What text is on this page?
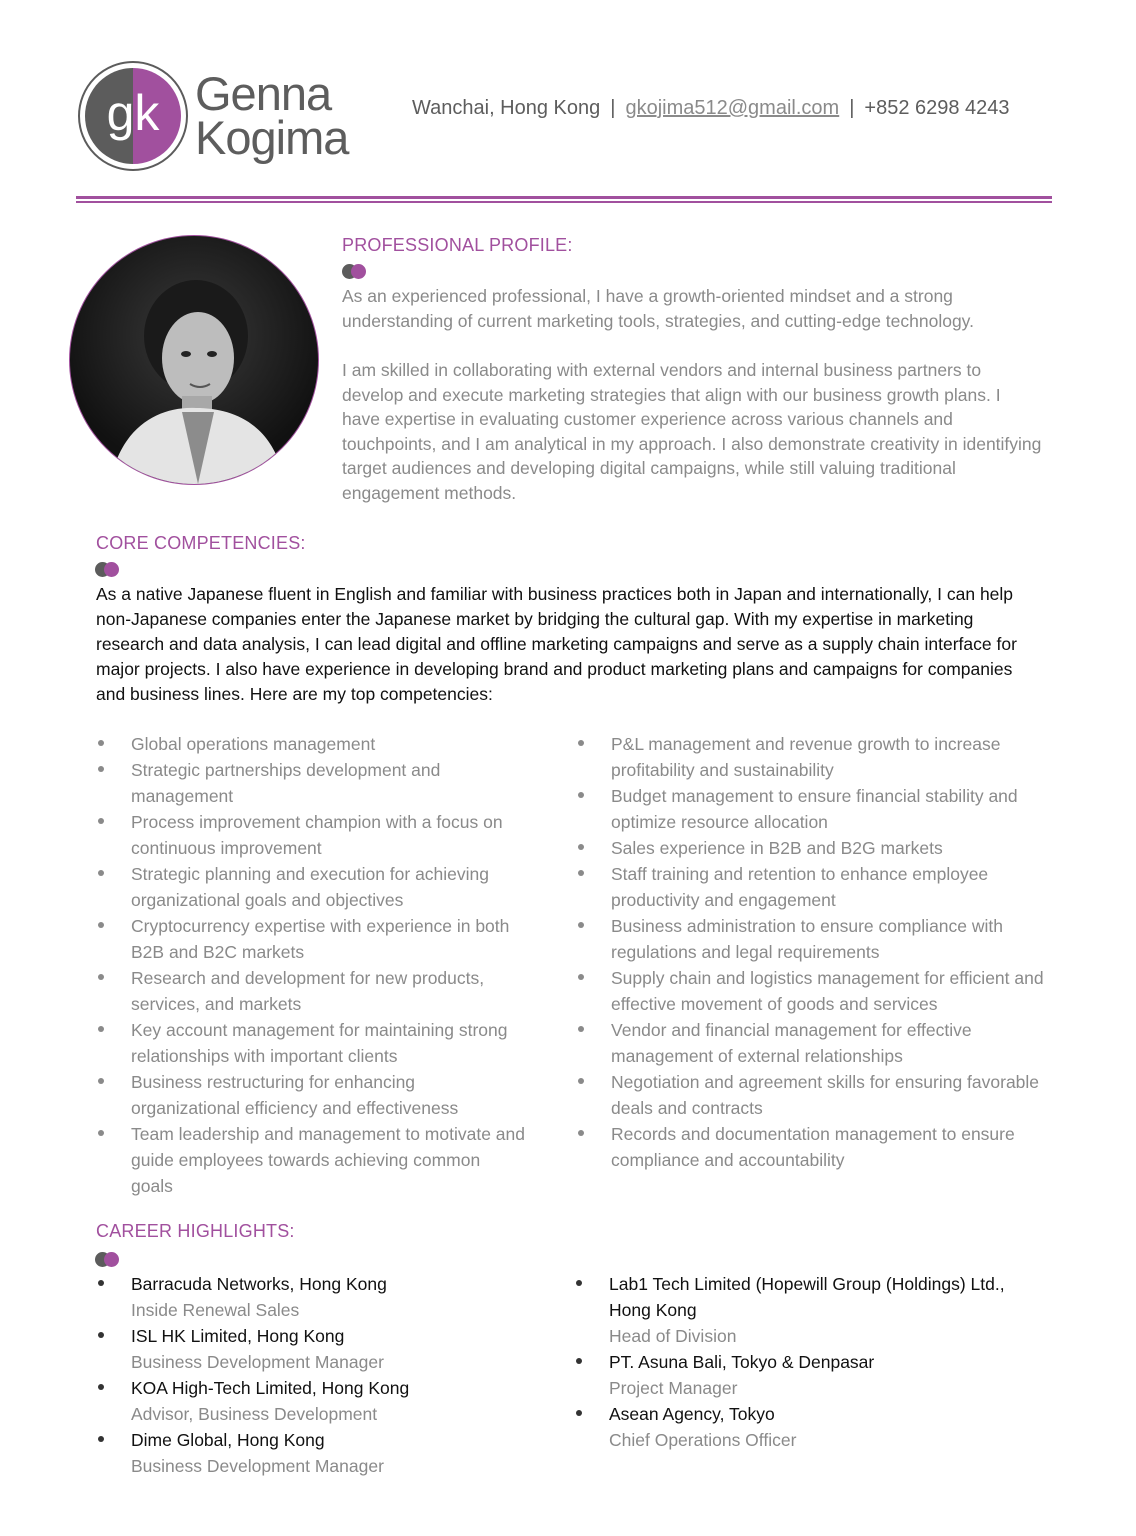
gk Genna
Kogima
Wanchai, Hong Kong | gkojima512@gmail.com | +852 6298 4243
PROFESSIONAL PROFILE:

As an experienced professional, I have a growth-oriented mindset and a strong understanding of current marketing tools, strategies, and cutting-edge technology.

I am skilled in collaborating with external vendors and internal business partners to develop and execute marketing strategies that align with our business growth plans. I have expertise in evaluating customer experience across various channels and touchpoints, and I am analytical in my approach. I also demonstrate creativity in identifying target audiences and developing digital campaigns, while still valuing traditional engagement methods.

CORE COMPETENCIES:
As a native Japanese fluent in English and familiar with business practices both in Japan and internationally, I can help non-Japanese companies enter the Japanese market by bridging the cultural gap. With my expertise in marketing research and data analysis, I can lead digital and offline marketing campaigns and serve as a supply chain interface for major projects. I also have experience in developing brand and product marketing plans and campaigns for companies and business lines. Here are my top competencies:
Global operations management
Strategic partnerships development and management
Process improvement champion with a focus on continuous improvement
Strategic planning and execution for achieving organizational goals and objectives
Cryptocurrency expertise with experience in both B2B and B2C markets
Research and development for new products, services, and markets
Key account management for maintaining strong relationships with important clients
Business restructuring for enhancing organizational efficiency and effectiveness
Team leadership and management to motivate and guide employees towards achieving common goals
P&L management and revenue growth to increase profitability and sustainability
Budget management to ensure financial stability and optimize resource allocation
Sales experience in B2B and B2G markets
Staff training and retention to enhance employee productivity and engagement
Business administration to ensure compliance with regulations and legal requirements
Supply chain and logistics management for efficient and effective movement of goods and services
Vendor and financial management for effective management of external relationships
Negotiation and agreement skills for ensuring favorable deals and contracts
Records and documentation management to ensure compliance and accountability
CAREER HIGHLIGHTS:
Barracuda Networks, Hong Kong
Inside Renewal Sales
ISL HK Limited, Hong Kong
Business Development Manager
KOA High-Tech Limited, Hong Kong
Advisor, Business Development
Dime Global, Hong Kong
Business Development Manager
Lab1 Tech Limited (Hopewill Group (Holdings) Ltd., Hong Kong
Head of Division
PT. Asuna Bali, Tokyo & Denpasar
Project Manager
Asean Agency, Tokyo
Chief Operations Officer
